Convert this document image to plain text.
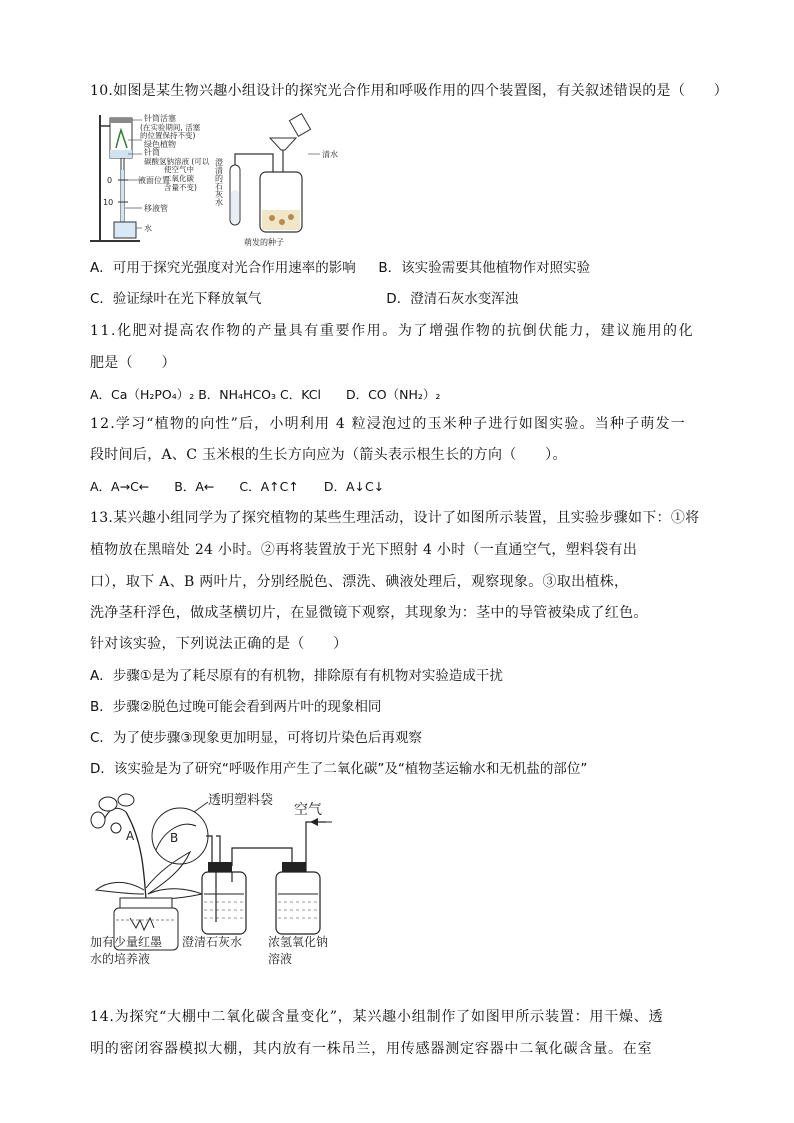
10.如图是某生物兴趣小组设计的探究光合作用和呼吸作用的四个装置图，有关叙述错误的是（　　）
0
10
针筒活塞
(在实验期间, 活塞
的位置保持不变)
绿色植物
针筒
碳酸氢钠溶液 (可以
使空气中
二氧化碳
含量不变)
液面位置
移液管
水
澄清的石灰水
清水
萌发的种子
A．可用于探究光强度对光合作用速率的影响 B．该实验需要其他植物作对照实验
C．验证绿叶在光下释放氧气	D．澄清石灰水变浑浊
11.化肥对提高农作物的产量具有重要作用。为了增强作物的抗倒伏能力，建议施用的化
肥是（　　）
A．Ca（H₂PO₄）₂ B．NH₄HCO₃ C．KCl　　D．CO（NH₂）₂
12.学习“植物的向性”后，小明利用 4 粒浸泡过的玉米种子进行如图实验。当种子萌发一
段时间后，A、C 玉米根的生长方向应为（箭头表示根生长的方向（　　）。
A．A→C←　　B．A←　　C．A↑C↑　　D．A↓C↓
13.某兴趣小组同学为了探究植物的某些生理活动，设计了如图所示装置，且实验步骤如下：①将
植物放在黑暗处 24 小时。②再将装置放于光下照射 4 小时（一直通空气，塑料袋有出
口），取下 A、B 两叶片，分别经脱色、漂洗、碘液处理后，观察现象。③取出植株，
洗净茎秆浮色，做成茎横切片，在显微镜下观察，其现象为：茎中的导管被染成了红色。
针对该实验，下列说法正确的是（　　）
A．步骤①是为了耗尽原有的有机物，排除原有有机物对实验造成干扰
B．步骤②脱色过晚可能会看到两片叶的现象相同
C．为了使步骤③现象更加明显，可将切片染色后再观察
D．该实验是为了研究“呼吸作用产生了二氧化碳”及“植物茎运输水和无机盐的部位”
透明塑料袋
A	B
空气
加有少量红墨
水的培养液
澄清石灰水 浓氢氧化钠
溶液
14.为探究“大棚中二氧化碳含量变化”，某兴趣小组制作了如图甲所示装置：用干燥、透
明的密闭容器模拟大棚，其内放有一株吊兰，用传感器测定容器中二氧化碳含量。在室
